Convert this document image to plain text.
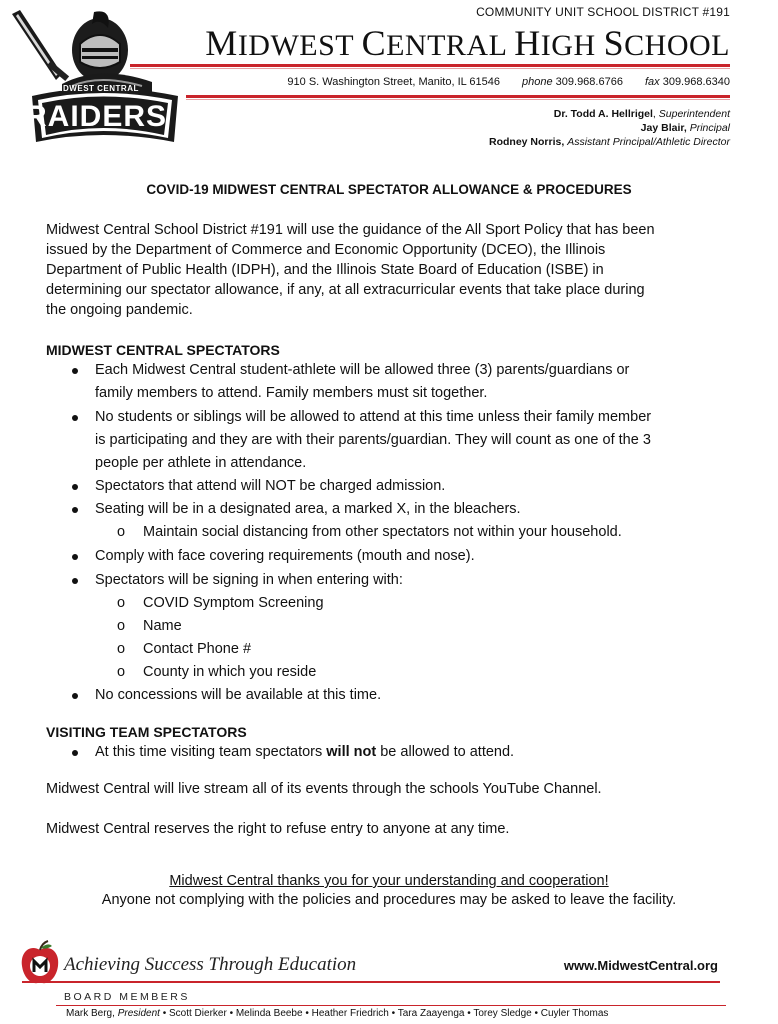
MIDWEST CENTRAL
RAIDERS
COMMUNITY UNIT SCHOOL DISTRICT #191
MIDWEST CENTRAL HIGH SCHOOL
910 S. Washington Street, Manito, IL 61546 phone 309.968.6766 fax 309.968.6340
Dr. Todd A. Hellrigel, Superintendent
Jay Blair, Principal
Rodney Norris, Assistant Principal/Athletic Director
COVID-19 MIDWEST CENTRAL SPECTATOR ALLOWANCE & PROCEDURES
Midwest Central School District #191 will use the guidance of the All Sport Policy that has been
issued by the Department of Commerce and Economic Opportunity (DCEO), the Illinois
Department of Public Health (IDPH), and the Illinois State Board of Education (ISBE) in
determining our spectator allowance, if any, at all extracurricular events that take place during
the ongoing pandemic.
MIDWEST CENTRAL SPECTATORS
Each Midwest Central student-athlete will be allowed three (3) parents/guardians or
family members to attend. Family members must sit together.
No students or siblings will be allowed to attend at this time unless their family member
is participating and they are with their parents/guardian. They will count as one of the 3
people per athlete in attendance.
Spectators that attend will NOT be charged admission.
Seating will be in a designated area, a marked X, in the bleachers.
o Maintain social distancing from other spectators not within your household.
Comply with face covering requirements (mouth and nose).
Spectators will be signing in when entering with:
o COVID Symptom Screening
o Name
o Contact Phone #
o County in which you reside
No concessions will be available at this time.
VISITING TEAM SPECTATORS
At this time visiting team spectators will not be allowed to attend.
Midwest Central will live stream all of its events through the schools YouTube Channel.
Midwest Central reserves the right to refuse entry to anyone at any time.
Midwest Central thanks you for your understanding and cooperation!
Anyone not complying with the policies and procedures may be asked to leave the facility.
Achieving Success Through Education	www.MidwestCentral.org
BOARD MEMBERS
Mark Berg, President • Scott Dierker • Melinda Beebe • Heather Friedrich • Tara Zaayenga • Torey Sledge • Cuyler Thomas
